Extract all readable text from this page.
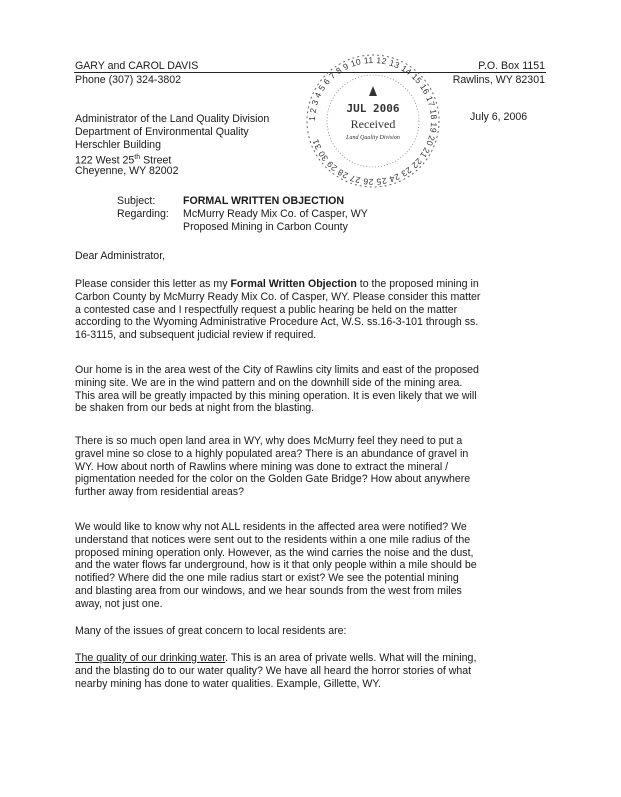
GARY and CAROL DAVIS
Phone (307) 324-3802
P.O. Box 1151
Rawlins, WY 82301
1 2 3 4 5 6 7 8 9 10 11 12 13 14 15 16 17 18 19 20 21 22 23 24 25 26 27 28 29 30 31
JUL 2006
Received
Land Quality Division
Administrator of the Land Quality Division
Department of Environmental Quality
Herschler Building
122 West 25th Street
Cheyenne, WY 82002
July 6, 2006
Subject:	FORMAL WRITTEN OBJECTION
Regarding:	McMurry Ready Mix Co. of Casper, WY
Proposed Mining in Carbon County
Dear Administrator,
Please consider this letter as my Formal Written Objection to the proposed mining in
Carbon County by McMurry Ready Mix Co. of Casper, WY. Please consider this matter
a contested case and I respectfully request a public hearing be held on the matter
according to the Wyoming Administrative Procedure Act, W.S. ss.16-3-101 through ss.
16-3115, and subsequent judicial review if required.
Our home is in the area west of the City of Rawlins city limits and east of the proposed
mining site. We are in the wind pattern and on the downhill side of the mining area.
This area will be greatly impacted by this mining operation. It is even likely that we will
be shaken from our beds at night from the blasting.
There is so much open land area in WY, why does McMurry feel they need to put a
gravel mine so close to a highly populated area? There is an abundance of gravel in
WY. How about north of Rawlins where mining was done to extract the mineral /
pigmentation needed for the color on the Golden Gate Bridge? How about anywhere
further away from residential areas?
We would like to know why not ALL residents in the affected area were notified? We
understand that notices were sent out to the residents within a one mile radius of the
proposed mining operation only. However, as the wind carries the noise and the dust,
and the water flows far underground, how is it that only people within a mile should be
notified? Where did the one mile radius start or exist? We see the potential mining
and blasting area from our windows, and we hear sounds from the west from miles
away, not just one.
Many of the issues of great concern to local residents are:
The quality of our drinking water. This is an area of private wells. What will the mining,
and the blasting do to our water quality? We have all heard the horror stories of what
nearby mining has done to water qualities. Example, Gillette, WY.
